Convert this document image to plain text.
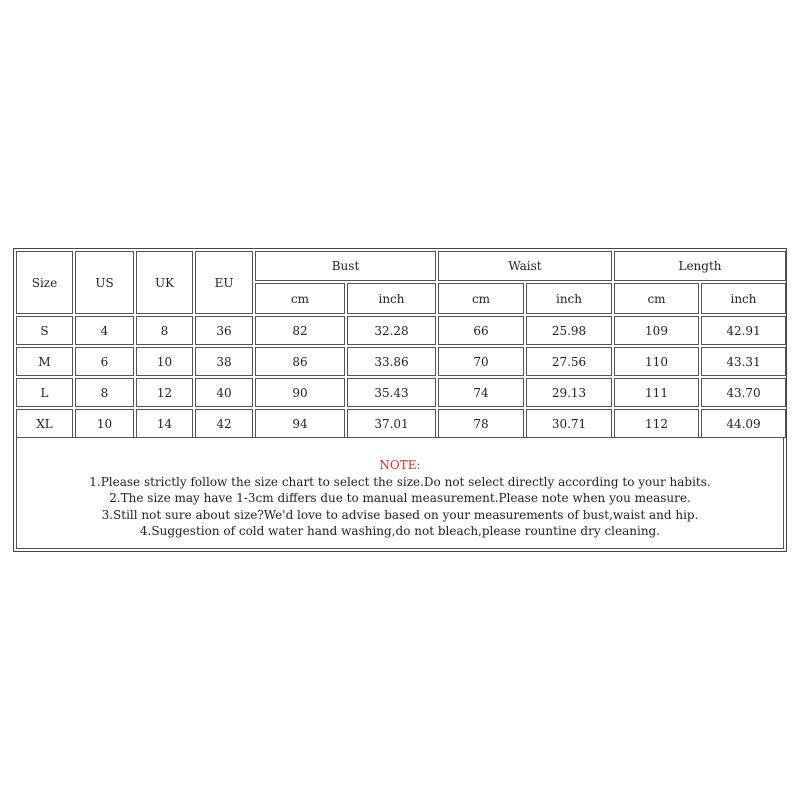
Size	US	UK	EU
Bust	Waist	Length
cm	inch	cm	inch	cm	inch
S	4	8	36	82	32.28	66	25.98	109	42.91
M	6	10	38	86	33.86	70	27.56	110	43.31
L	8	12	40	90	35.43	74	29.13	111	43.70
XL	10	14	42	94	37.01	78	30.71	112	44.09
NOTE:
1.Please strictly follow the size chart to select the size.Do not select directly according to your habits.
2.The size may have 1-3cm differs due to manual measurement.Please note when you measure.
3.Still not sure about size?We'd love to advise based on your measurements of bust,waist and hip.
4.Suggestion of cold water hand washing,do not bleach,please rountine dry cleaning.
